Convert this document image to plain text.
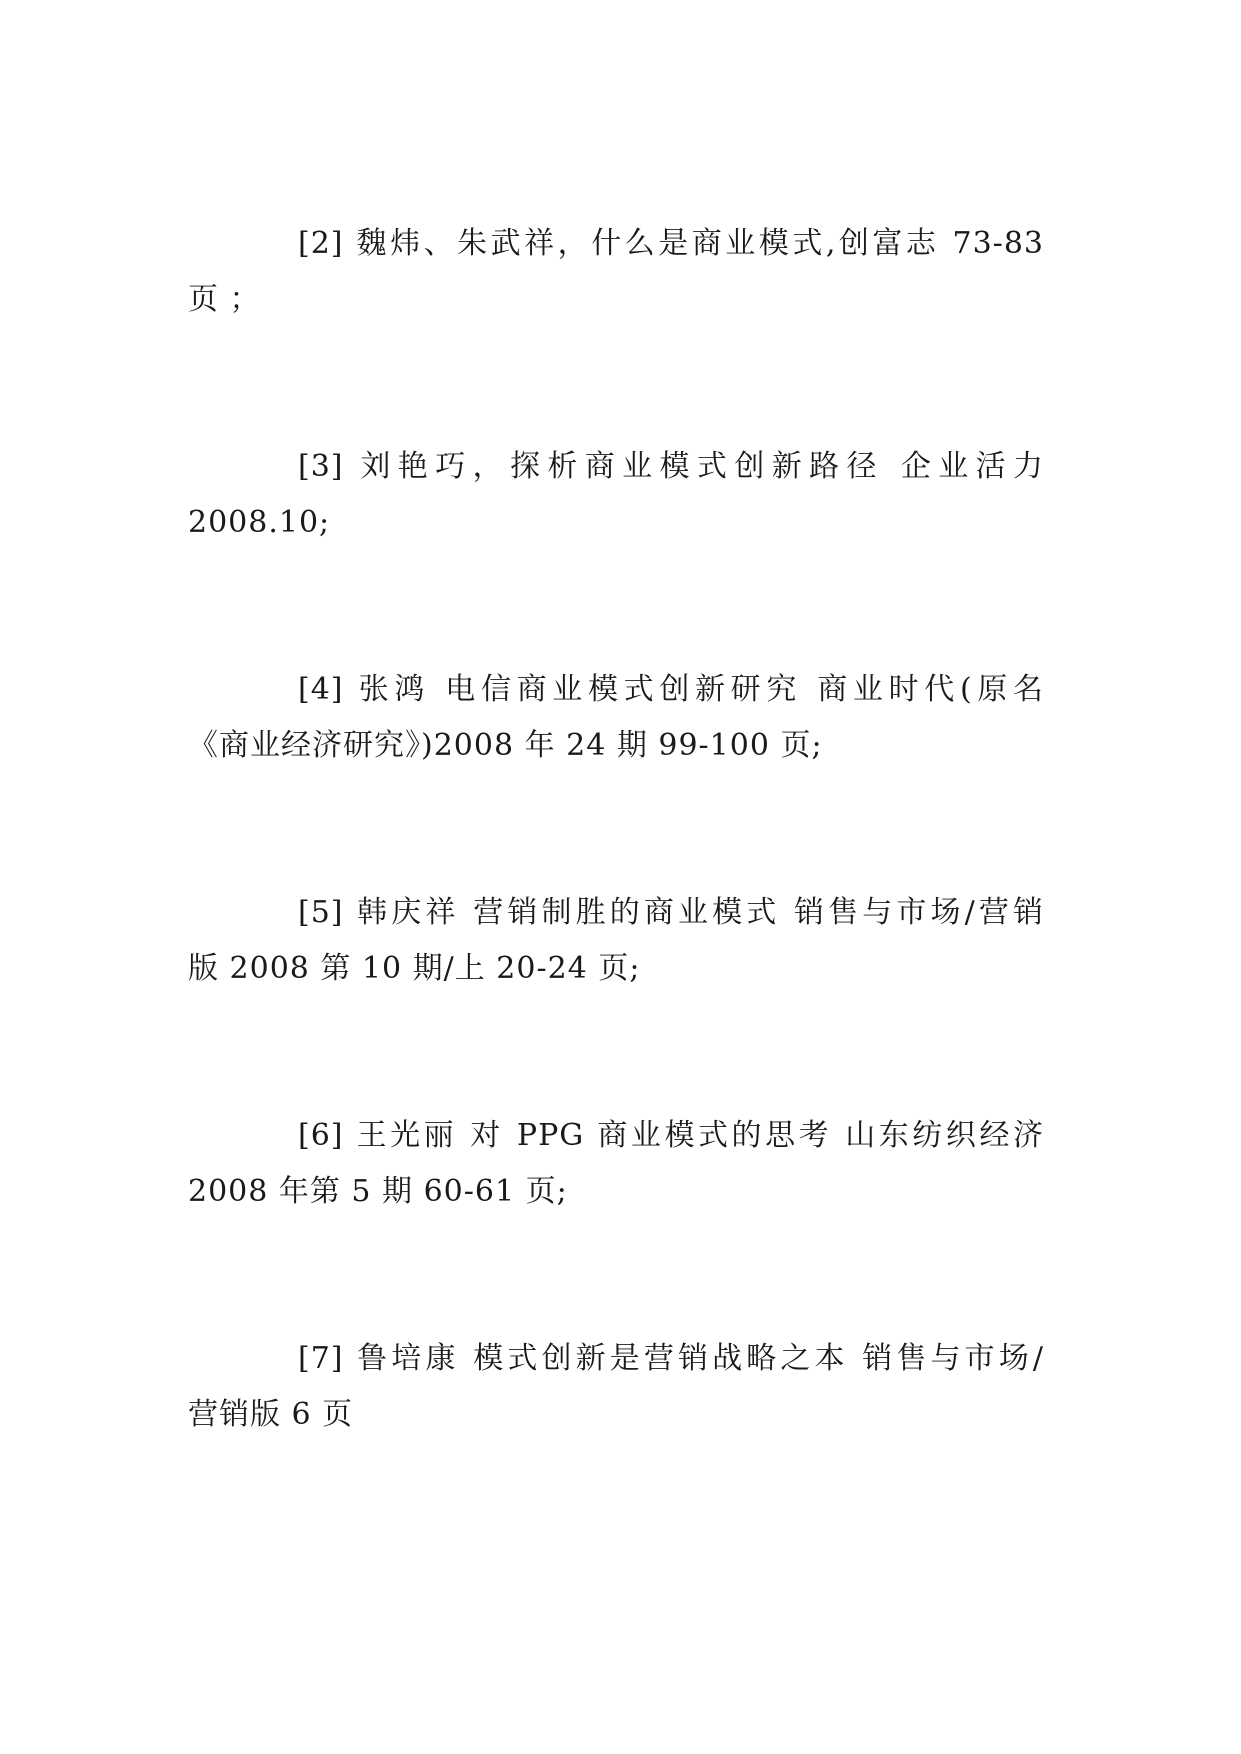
[2] 魏炜、朱武祥，什么是商业模式,创富志 73-83
页 ；
[3] 刘艳巧，探析商业模式创新路径 企业活力
2008.10;
[4] 张鸿 电信商业模式创新研究 商业时代(原名
《商业经济研究》)2008 年 24 期 99-100 页;
[5] 韩庆祥 营销制胜的商业模式 销售与市场/营销
版 2008 第 10 期/上 20-24 页;
[6] 王光丽 对 PPG 商业模式的思考 山东纺织经济
2008 年第 5 期 60-61 页;
[7] 鲁培康 模式创新是营销战略之本 销售与市场/
营销版 6 页
